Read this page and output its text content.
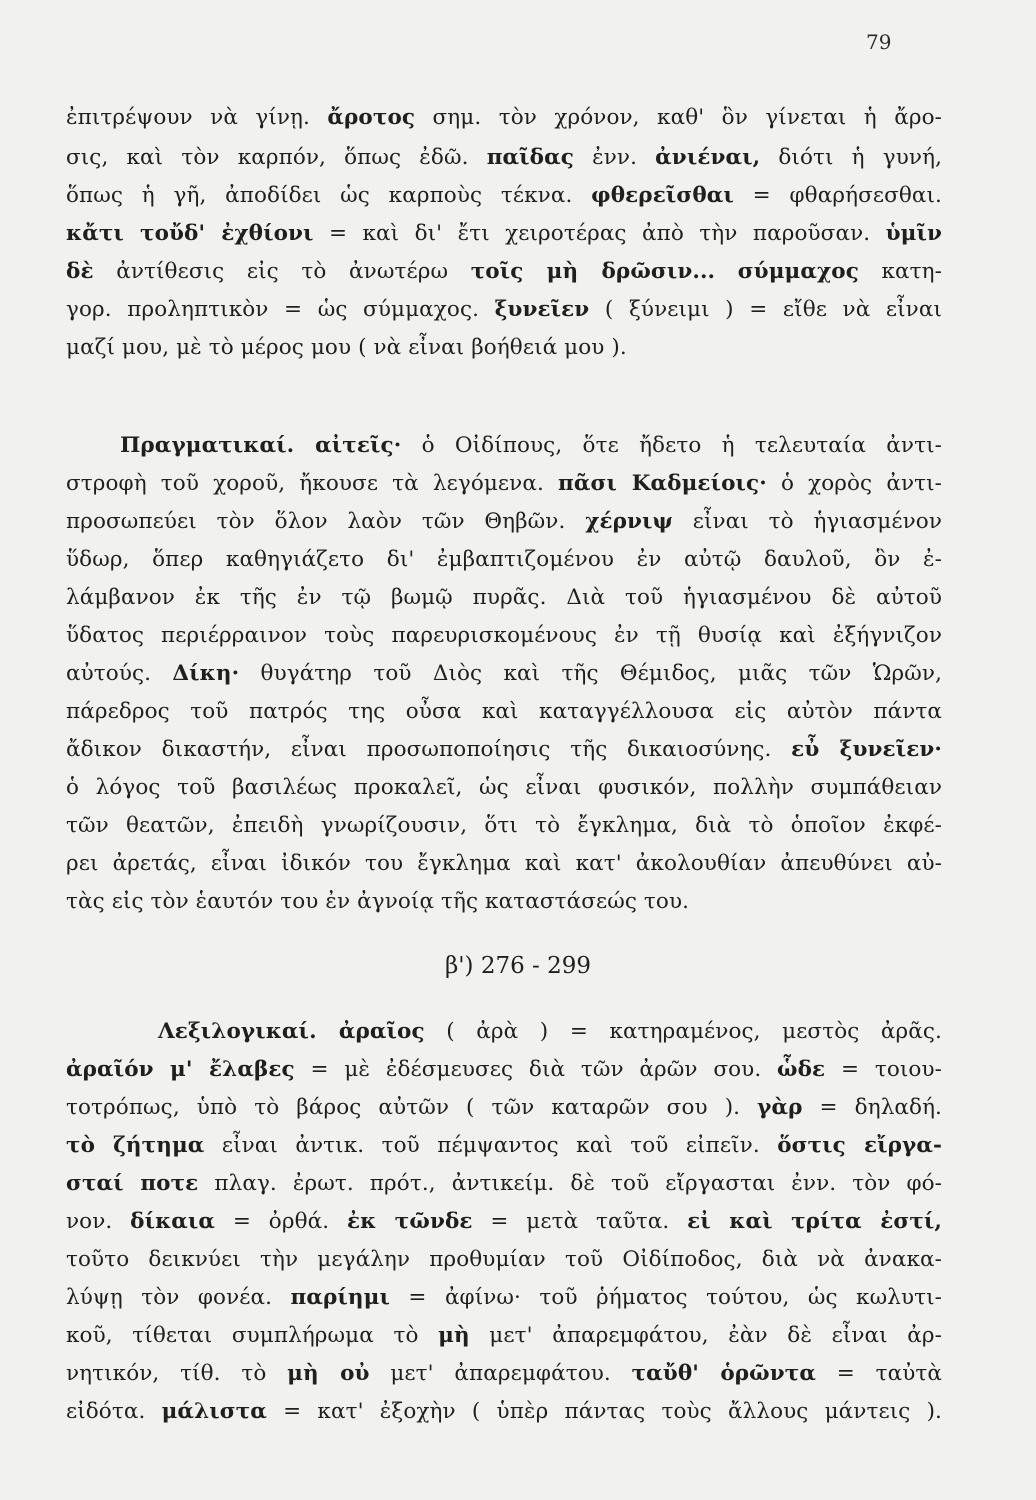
79
ἐπιτρέψουν νὰ γίνῃ. ἄροτος σημ. τὸν χρόνον, καθ' ὃν γίνεται ἡ ἄρο-
σις, καὶ τὸν καρπόν, ὅπως ἐδῶ. παῖδας ἐνν. ἀνιέναι, διότι ἡ γυνή,
ὅπως ἡ γῆ, ἀποδίδει ὡς καρποὺς τέκνα. φθερεῖσθαι = φθαρήσεσθαι.
κἄτι τοὔδ' ἐχθίονι = καὶ δι' ἔτι χειροτέρας ἀπὸ τὴν παροῦσαν. ὑμῖν
δὲ ἀντίθεσις εἰς τὸ ἀνωτέρω τοῖς μὴ δρῶσιν... σύμμαχος κατη-
γορ. προληπτικὸν = ὡς σύμμαχος. ξυνεῖεν ( ξύνειμι ) = εἴθε νὰ εἶναι
μαζί μου, μὲ τὸ μέρος μου ( νὰ εἶναι βοήθειά μου ).
Πραγματικαί. αἰτεῖς· ὁ Οἰδίπους, ὅτε ἤδετο ἡ τελευταία ἀντι-
στροφὴ τοῦ χοροῦ, ἤκουσε τὰ λεγόμενα. πᾶσι Καδμείοις· ὁ χορὸς ἀντι-
προσωπεύει τὸν ὅλον λαὸν τῶν Θηβῶν. χέρνιψ εἶναι τὸ ἡγιασμένον
ὕδωρ, ὅπερ καθηγιάζετο δι' ἐμβαπτιζομένου ἐν αὐτῷ δαυλοῦ, ὃν ἐ-
λάμβανον ἐκ τῆς ἐν τῷ βωμῷ πυρᾶς. Διὰ τοῦ ἡγιασμένου δὲ αὐτοῦ
ὕδατος περιέρραινον τοὺς παρευρισκομένους ἐν τῇ θυσίᾳ καὶ ἐξήγνιζον
αὐτούς. Δίκη· θυγάτηρ τοῦ Διὸς καὶ τῆς Θέμιδος, μιᾶς τῶν Ὡρῶν,
πάρεδρος τοῦ πατρός της οὖσα καὶ καταγγέλλουσα εἰς αὐτὸν πάντα
ἄδικον δικαστήν, εἶναι προσωποποίησις τῆς δικαιοσύνης. εὖ ξυνεῖεν·
ὁ λόγος τοῦ βασιλέως προκαλεῖ, ὡς εἶναι φυσικόν, πολλὴν συμπάθειαν
τῶν θεατῶν, ἐπειδὴ γνωρίζουσιν, ὅτι τὸ ἔγκλημα, διὰ τὸ ὁποῖον ἐκφέ-
ρει ἀρετάς, εἶναι ἰδικόν του ἔγκλημα καὶ κατ' ἀκολουθίαν ἀπευθύνει αὐ-
τὰς εἰς τὸν ἑαυτόν του ἐν ἀγνοίᾳ τῆς καταστάσεώς του.
β') 276 - 299
Λεξιλογικαί. ἀραῖος ( ἀρὰ ) = κατηραμένος, μεστὸς ἀρᾶς.
ἀραῖόν μ' ἔλαβες = μὲ ἐδέσμευσες διὰ τῶν ἀρῶν σου. ὧδε = τοιου-
τοτρόπως, ὑπὸ τὸ βάρος αὐτῶν ( τῶν καταρῶν σου ). γὰρ = δηλαδή.
τὸ ζήτημα εἶναι ἀντικ. τοῦ πέμψαντος καὶ τοῦ εἰπεῖν. ὅστις εἴργα-
σταί ποτε πλαγ. ἐρωτ. πρότ., ἀντικείμ. δὲ τοῦ εἴργασται ἐνν. τὸν φό-
νον. δίκαια = ὀρθά. ἐκ τῶνδε = μετὰ ταῦτα. εἰ καὶ τρίτα ἐστί,
τοῦτο δεικνύει τὴν μεγάλην προθυμίαν τοῦ Οἰδίποδος, διὰ νὰ ἀνακα-
λύψῃ τὸν φονέα. παρίημι = ἀφίνω· τοῦ ῥήματος τούτου, ὡς κωλυτι-
κοῦ, τίθεται συμπλήρωμα τὸ μὴ μετ' ἀπαρεμφάτου, ἐὰν δὲ εἶναι ἀρ-
νητικόν, τίθ. τὸ μὴ οὐ μετ' ἀπαρεμφάτου. ταὔθ' ὁρῶντα = ταὐτὰ
εἰδότα. μάλιστα = κατ' ἐξοχὴν ( ὑπὲρ πάντας τοὺς ἄλλους μάντεις ).
